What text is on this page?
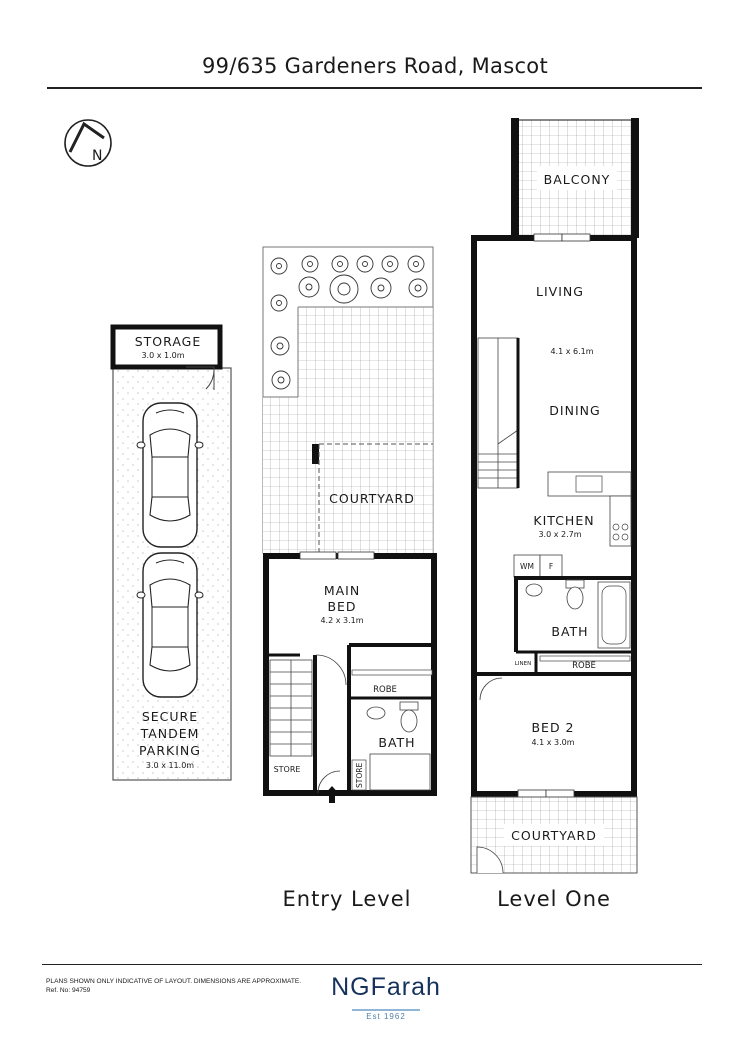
99/635 Gardeners Road, Mascot
N
STORAGE
3.0 x 1.0m
SECURE
TANDEM
PARKING
3.0 x 11.0m
COURTYARD
ROBE
BATH
STORE
STORE
MAIN
BED
4.2 x 3.1m
Entry Level
BALCONY
WM F
BATH
LINEN	ROBE
LIVING
4.1 x 6.1m
DINING
KITCHEN
3.0 x 2.7m
BED 2
4.1 x 3.0m
COURTYARD
Level One
PLANS SHOWN ONLY INDICATIVE OF LAYOUT. DIMENSIONS ARE APPROXIMATE.
Ref. No: 94759	NGFarah
Est 1962
